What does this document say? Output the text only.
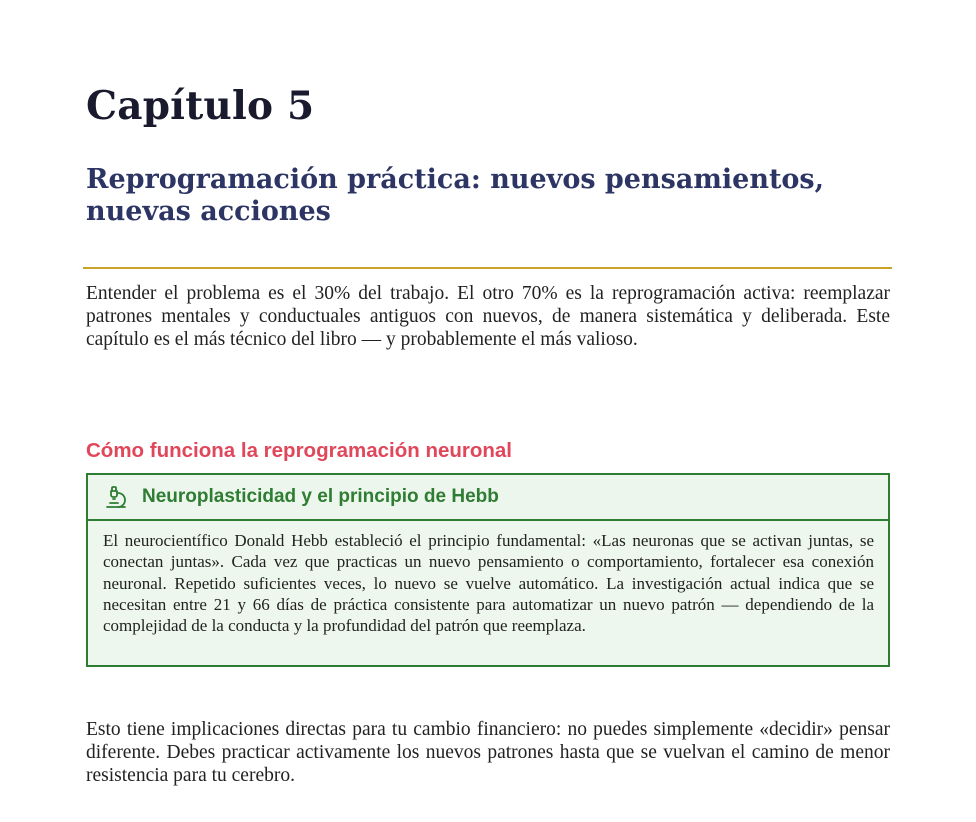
Capítulo 5
Reprogramación práctica: nuevos pensamientos, nuevas acciones

Entender el problema es el 30% del trabajo. El otro 70% es la reprogramación activa: reemplazar patrones mentales y conductuales antiguos con nuevos, de manera sistemática y deliberada. Este capítulo es el más técnico del libro — y probablemente el más valioso.

Cómo funciona la reprogramación neuronal
Neuroplasticidad y el principio de Hebb
El neurocientífico Donald Hebb estableció el principio fundamental: «Las neuronas que se activan juntas, se conectan juntas». Cada vez que practicas un nuevo pensamiento o comportamiento, fortalecer esa conexión neuronal. Repetido suficientes veces, lo nuevo se vuelve automático. La investigación actual indica que se necesitan entre 21 y 66 días de práctica consistente para automatizar un nuevo patrón — dependiendo de la complejidad de la conducta y la profundidad del patrón que reemplaza.

Esto tiene implicaciones directas para tu cambio financiero: no puedes simplemente «decidir» pensar diferente. Debes practicar activamente los nuevos patrones hasta que se vuelvan el camino de menor resistencia para tu cerebro.
